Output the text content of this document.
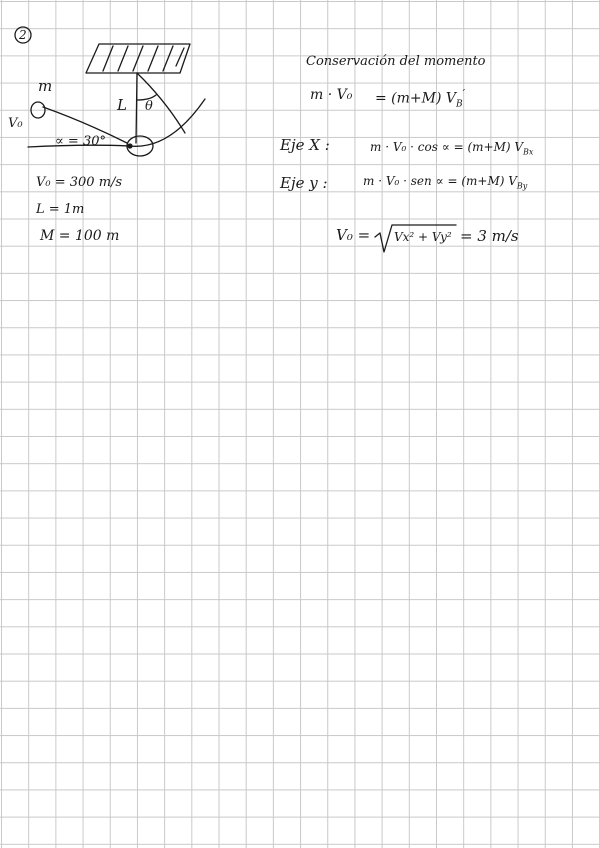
2
m
V₀
L θ
∝ = 30°
V₀ = 300 m/s
L = 1m
M = 100 m
Conservación del momento
m · V₀ = (m+M) $V_B'$
Eje X :	m · V₀ · cos ∝ = (m+M) $V_{Bx}$
Eje y :	m · V₀ · sen ∝ = (m+M) $V_{By}$
V₀ = Vx² + Vy² = 3 m/s
